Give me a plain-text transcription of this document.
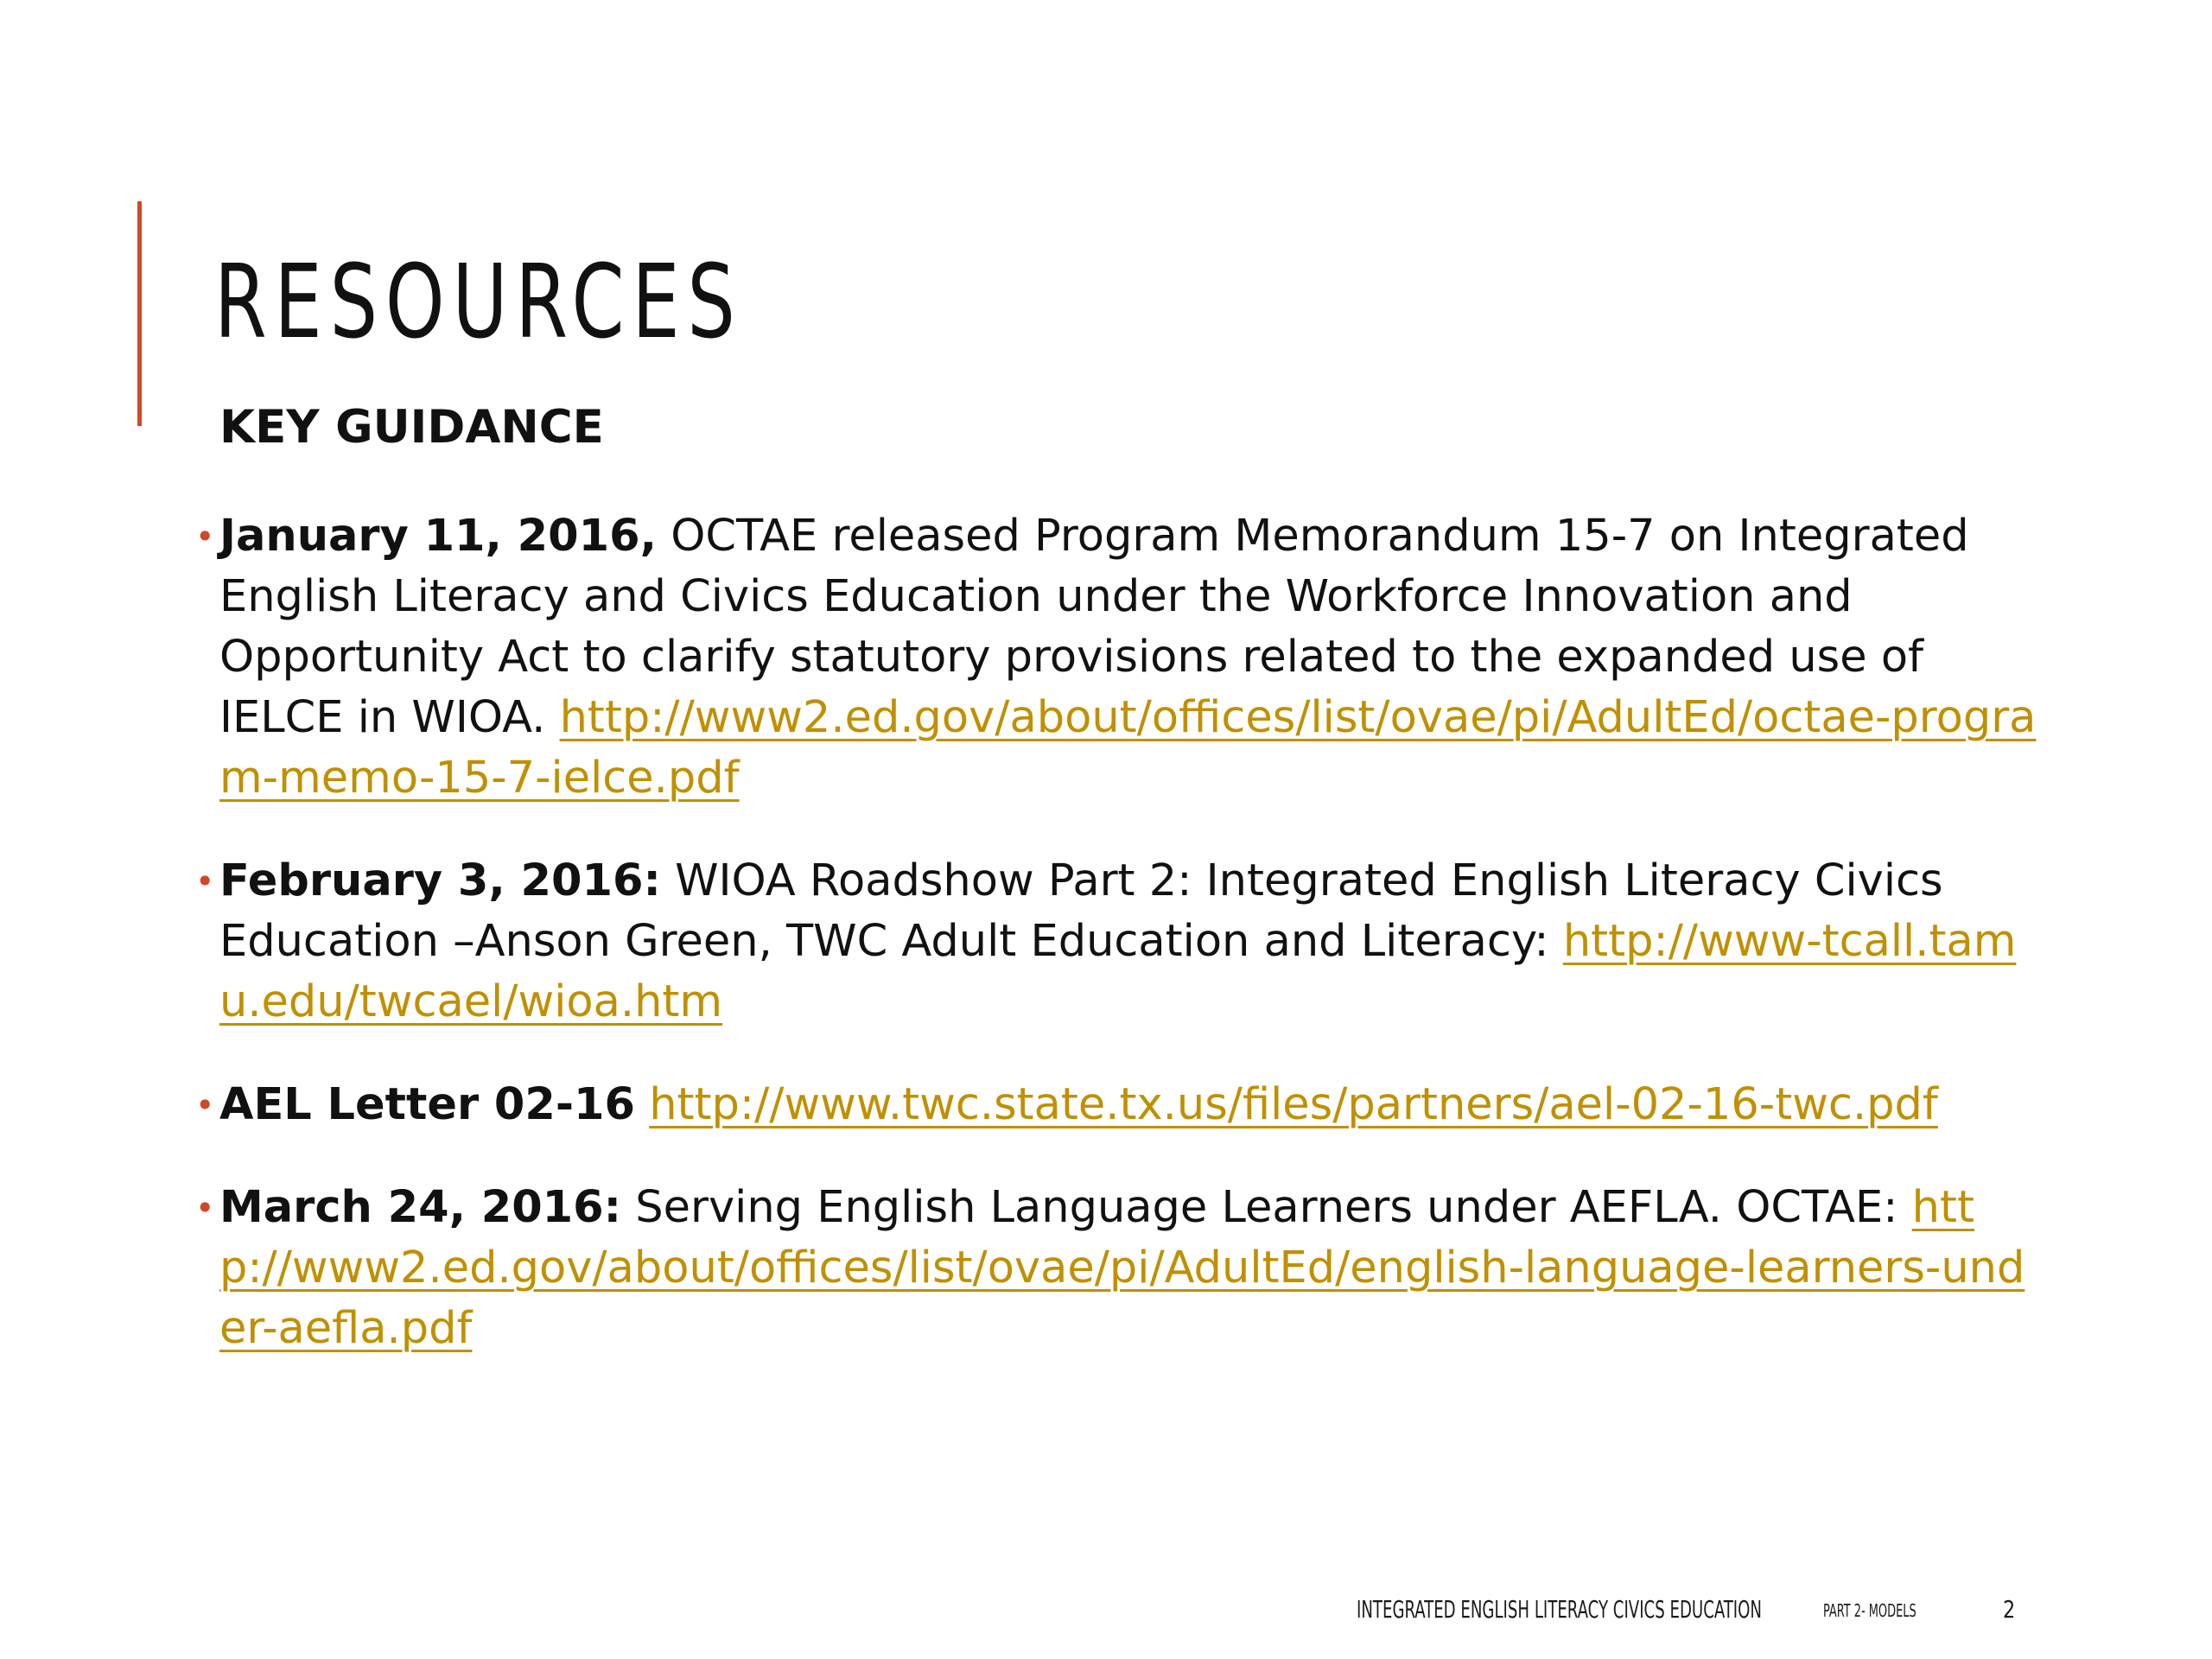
RESOURCES
KEY GUIDANCE

• January 11, 2016, OCTAE released Program Memorandum 15-7 on Integrated English Literacy and Civics Education under the Workforce Innovation and Opportunity Act to clarify statutory provisions related to the expanded use of IELCE in WIOA. http://www2.ed.gov/about/offices/list/ovae/pi/AdultEd/octae-program-memo-15-7-ielce.pdf

• February 3, 2016: WIOA Roadshow Part 2: Integrated English Literacy Civics Education –Anson Green, TWC Adult Education and Literacy: http://www-tcall.tamu.edu/twcael/wioa.htm

• AEL Letter 02-16 http://www.twc.state.tx.us/files/partners/ael-02-16-twc.pdf

• March 24, 2016: Serving English Language Learners under AEFLA. OCTAE: http://www2.ed.gov/about/offices/list/ovae/pi/AdultEd/english-language-learners-under-aefla.pdf

INTEGRATED ENGLISH LITERACY CIVICS EDUCATION	PART 2- MODELS	2
